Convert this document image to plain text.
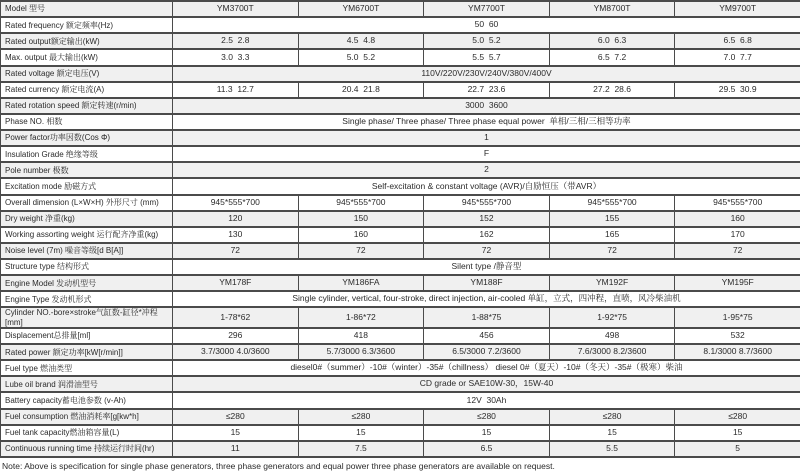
Model 型号	YM3700T	YM6700T	YM7700T	YM8700T	YM9700T
Rated frequency 额定频率(Hz)	50  60				
Rated output额定输出(kW)	2.5  2.8	4.5  4.8	5.0  5.2	6.0  6.3	6.5  6.8
Max. output 最大输出(kW)	3.0  3.3	5.0  5.2	5.5  5.7	6.5  7.2	7.0  7.7
Rated voltage 额定电压(V)	110V/220V/230V/240V/380V/400V				
Rated currency 额定电流(A)	11.3  12.7	20.4  21.8	22.7  23.6	27.2  28.6	29.5  30.9
Rated rotation speed 额定转速(r/min)	3000  3600				
Phase NO. 相数	Single phase/ Three phase/ Three phase equal power  单相/三相/三相等功率				
Power factor功率因数(Cos Φ)	1				
Insulation Grade 绝缘等级	F				
Pole number 极数	2				
Excitation mode 励磁方式	Self-excitation & constant voltage (AVR)/自励恒压（带AVR）				
Overall dimension (L×W×H) 外形尺寸 (mm)	945*555*700	945*555*700	945*555*700	945*555*700	945*555*700
Dry weight 净重(kg)	120	150	152	155	160
Working assorting weight 运行配齐净重(kg)	130	160	162	165	170
Noise level (7m) 噪音等级[d B[A]]	72	72	72	72	72
Structure type 结构形式	Silent type /静音型				
Engine Model 发动机型号	YM178F	YM186FA	YM188F	YM192F	YM195F
Engine Type 发动机形式	Single cylinder, vertical, four-stroke, direct injection, air-cooled 单缸，立式，四冲程，直喷，风冷柴油机				
Cylinder NO.-bore×stroke气缸数-缸径*冲程[mm]	1-78*62	1-86*72	1-88*75	1-92*75	1-95*75
Displacement总排量[ml]	296	418	456	498	532
Rated power 额定功率[kW[r/min]]	3.7/3000 4.0/3600	5.7/3000 6.3/3600	6.5/3000 7.2/3600	7.6/3000 8.2/3600	8.1/3000 8.7/3600
Fuel type 燃油类型	diesel0#（summer）-10#（winter）-35#（chillness） diesel 0#（夏天）-10#（冬天）-35#（极寒）柴油				
Lube oil brand 润滑油型号	CD grade or SAE10W-30，15W-40				
Battery capacity蓄电池参数 (v-Ah)	12V  30Ah				
Fuel consumption 燃油消耗率[g[kw*h]	≤280	≤280	≤280	≤280	≤280
Fuel tank capacity燃油箱容量(L)	15	15	15	15	15
Continuous running time 持续运行时间(hr)	11	7.5	6.5	5.5	5
Note: Above is specification for single phase generators, three phase generators and equal power three phase generators are available on request.
